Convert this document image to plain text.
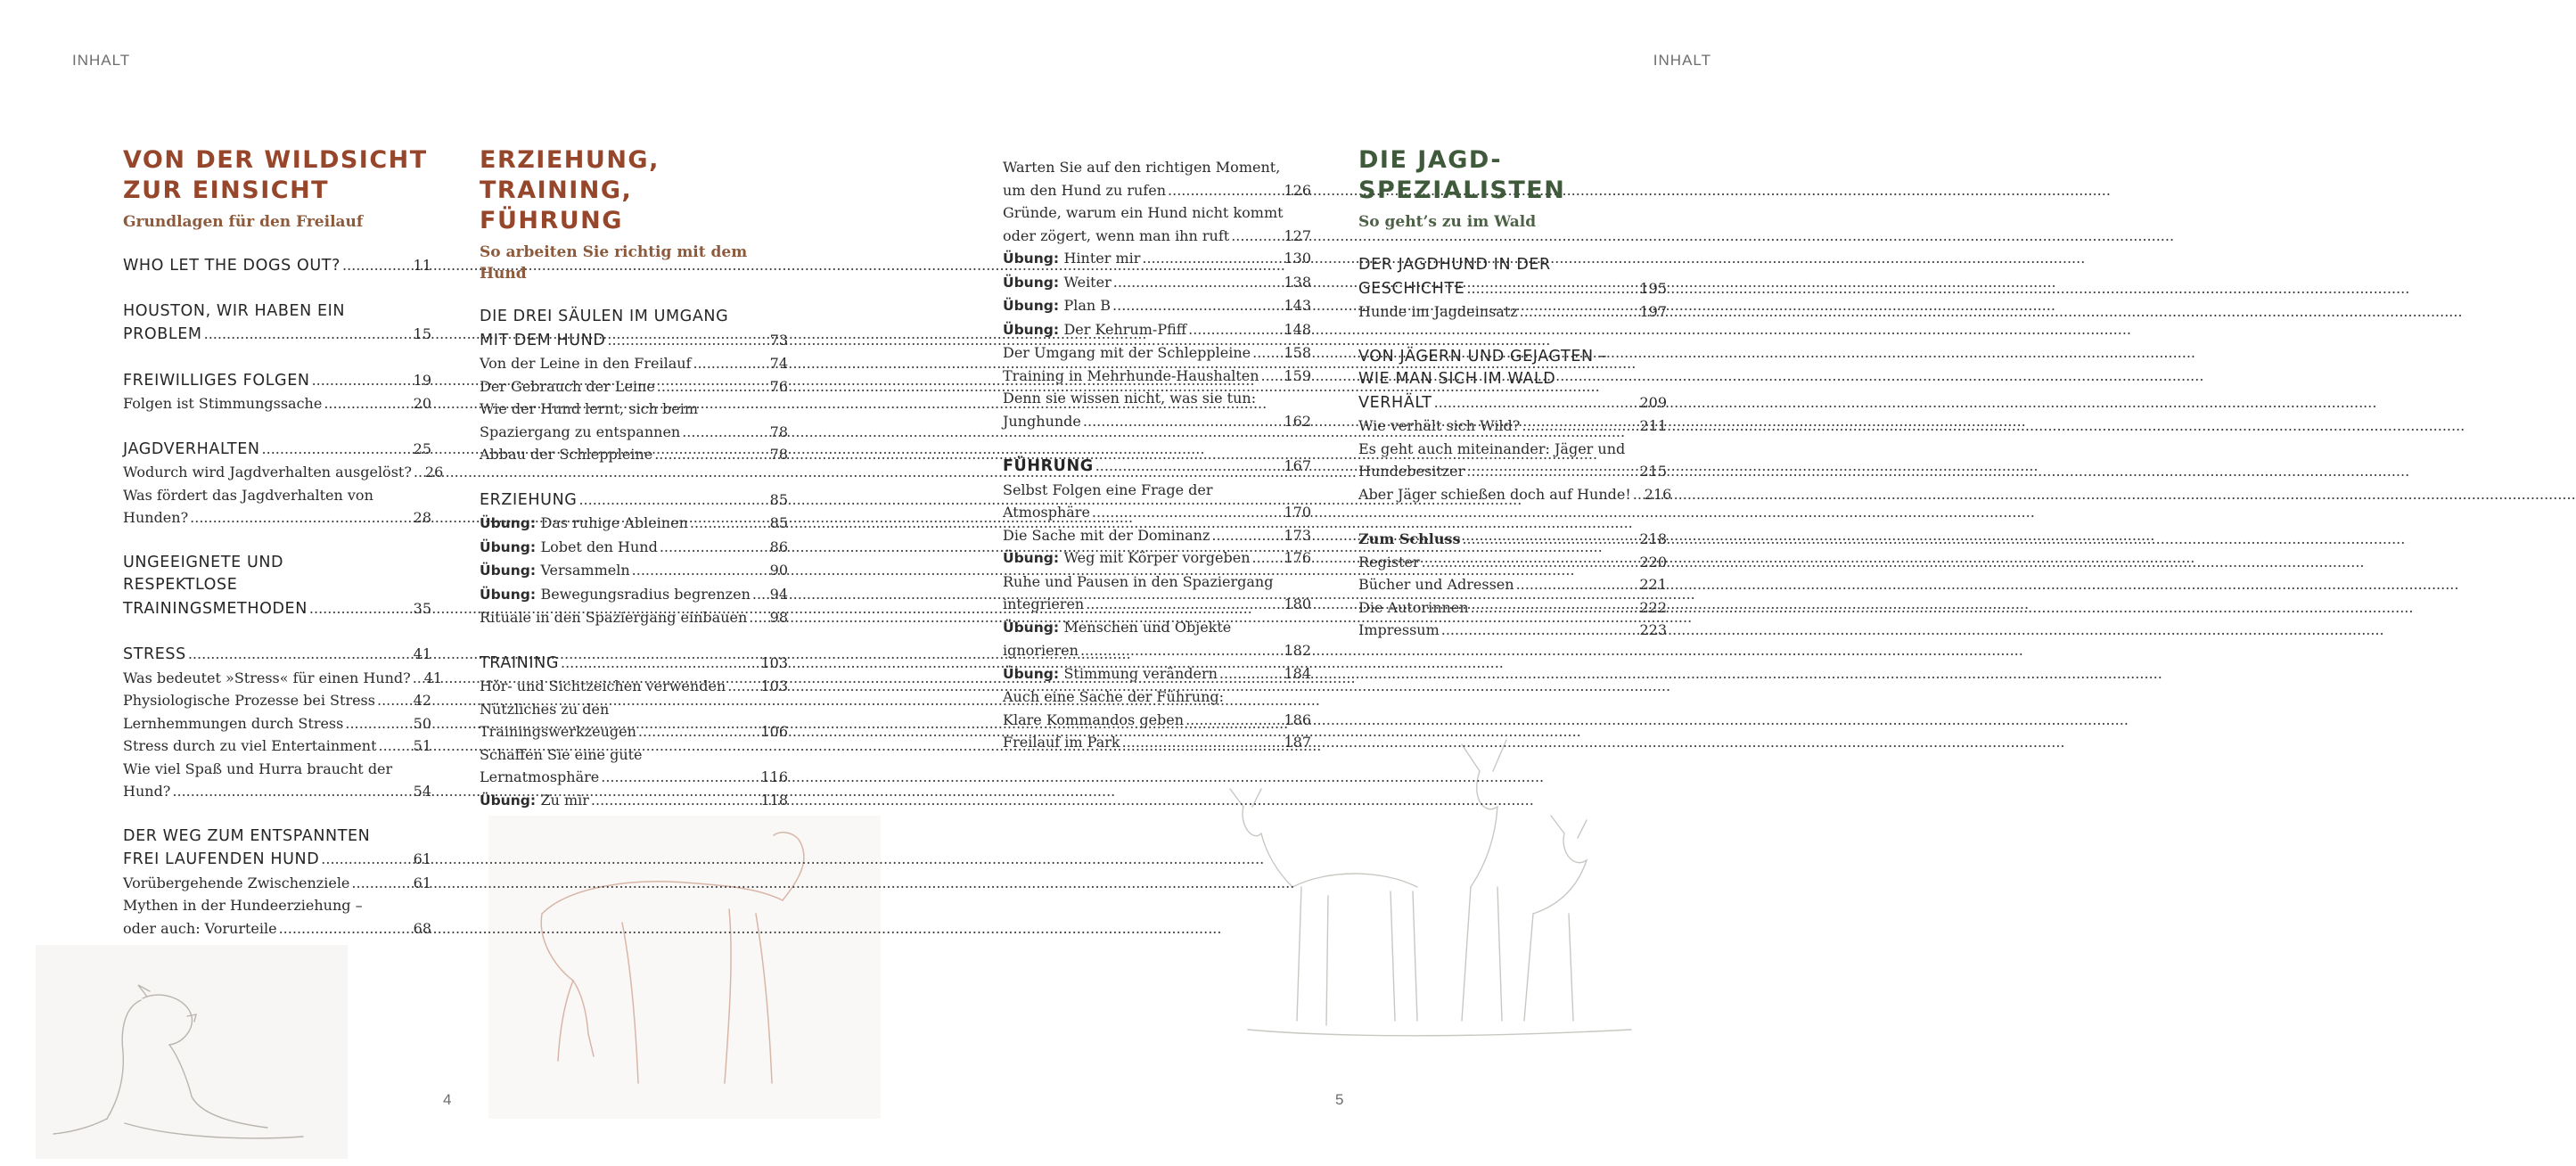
INHALT	INHALT
VON DER WILDSICHT
ZUR EINSICHT
Grundlagen für den Freilauf
WHO LET THE DOGS OUT? .....	11
HOUSTON, WIR HABEN EIN
PROBLEM .....	15
FREIWILLIGES FOLGEN .....	19
Folgen ist Stimmungssache .....	20
JAGDVERHALTEN .....	25
Wodurch wird Jagdverhalten ausgelöst? ..... 26
Was fördert das Jagdverhalten von
Hunden? .....	28
UNGEEIGNETE UND
RESPEKTLOSE
TRAININGSMETHODEN .....	35
STRESS .....	41
Was bedeutet »Stress« für einen Hund? ..... 41
Physiologische Prozesse bei Stress .....	42
Lernhemmungen durch Stress .....	50
Stress durch zu viel Entertainment .....	51
Wie viel Spaß und Hurra braucht der
Hund? .....	54
DER WEG ZUM ENTSPANNTEN
FREI LAUFENDEN HUND .....	61
Vorübergehende Zwischenziele .....	61
Mythen in der Hundeerziehung –
oder auch: Vorurteile .....	68
ERZIEHUNG, TRAINING,
FÜHRUNG
So arbeiten Sie richtig mit dem Hund
DIE DREI SÄULEN IM UMGANG
MIT DEM HUND .....	73
Von der Leine in den Freilauf .....	74
Der Gebrauch der Leine .....	76
Wie der Hund lernt, sich beim
Spaziergang zu entspannen .....	78
Abbau der Schleppleine .....	78
ERZIEHUNG .....	85
Übung: Das ruhige Ableinen .....	85
Übung: Lobet den Hund .....	86
Übung: Versammeln .....	90
Übung: Bewegungsradius begrenzen ..... 94
Rituale in den Spaziergang einbauen ..... 98
TRAINING .....	103
Hör- und Sichtzeichen verwenden ..... 103
Nützliches zu den
Trainingswerkzeugen .....	106
Schaffen Sie eine gute
Lernatmosphäre .....	116
Übung: Zu mir .....	118
Warten Sie auf den richtigen Moment,
um den Hund zu rufen .....	126
Gründe, warum ein Hund nicht kommt
oder zögert, wenn man ihn ruft .....	127
Übung: Hinter mir .....	130
Übung: Weiter .....	138
Übung: Plan B .....	143
Übung: Der Kehrum-Pfiff .....	148
Der Umgang mit der Schleppleine ..... 158
Training in Mehrhunde-Haushalten ..... 159
Denn sie wissen nicht, was sie tun:
Junghunde .....	162
FÜHRUNG .....	167
Selbst Folgen eine Frage der
Atmosphäre .....	170
Die Sache mit der Dominanz .....	173
Übung: Weg mit Körper vorgeben ..... 176
Ruhe und Pausen in den Spaziergang
integrieren .....	180
Übung: Menschen und Objekte
ignorieren .....	182
Übung: Stimmung verändern .....	184
Auch eine Sache der Führung:
Klare Kommandos geben .....	186
Freilauf im Park .....	187
DIE JAGD-
SPEZIALISTEN
So geht’s zu im Wald
DER JAGDHUND IN DER
GESCHICHTE .....	195
Hunde im Jagdeinsatz .....	197
VON JÄGERN UND GEJAGTEN –
WIE MAN SICH IM WALD
VERHÄLT .....	209
Wie verhält sich Wild? .....	211
Es geht auch miteinander: Jäger und
Hundebesitzer .....	215
Aber Jäger schießen doch auf Hunde! ..... 216
Zum Schluss .....	218
Register .....	220
Bücher und Adressen .....	221
Die Autorinnen .....	222
Impressum .....	223
4	5
